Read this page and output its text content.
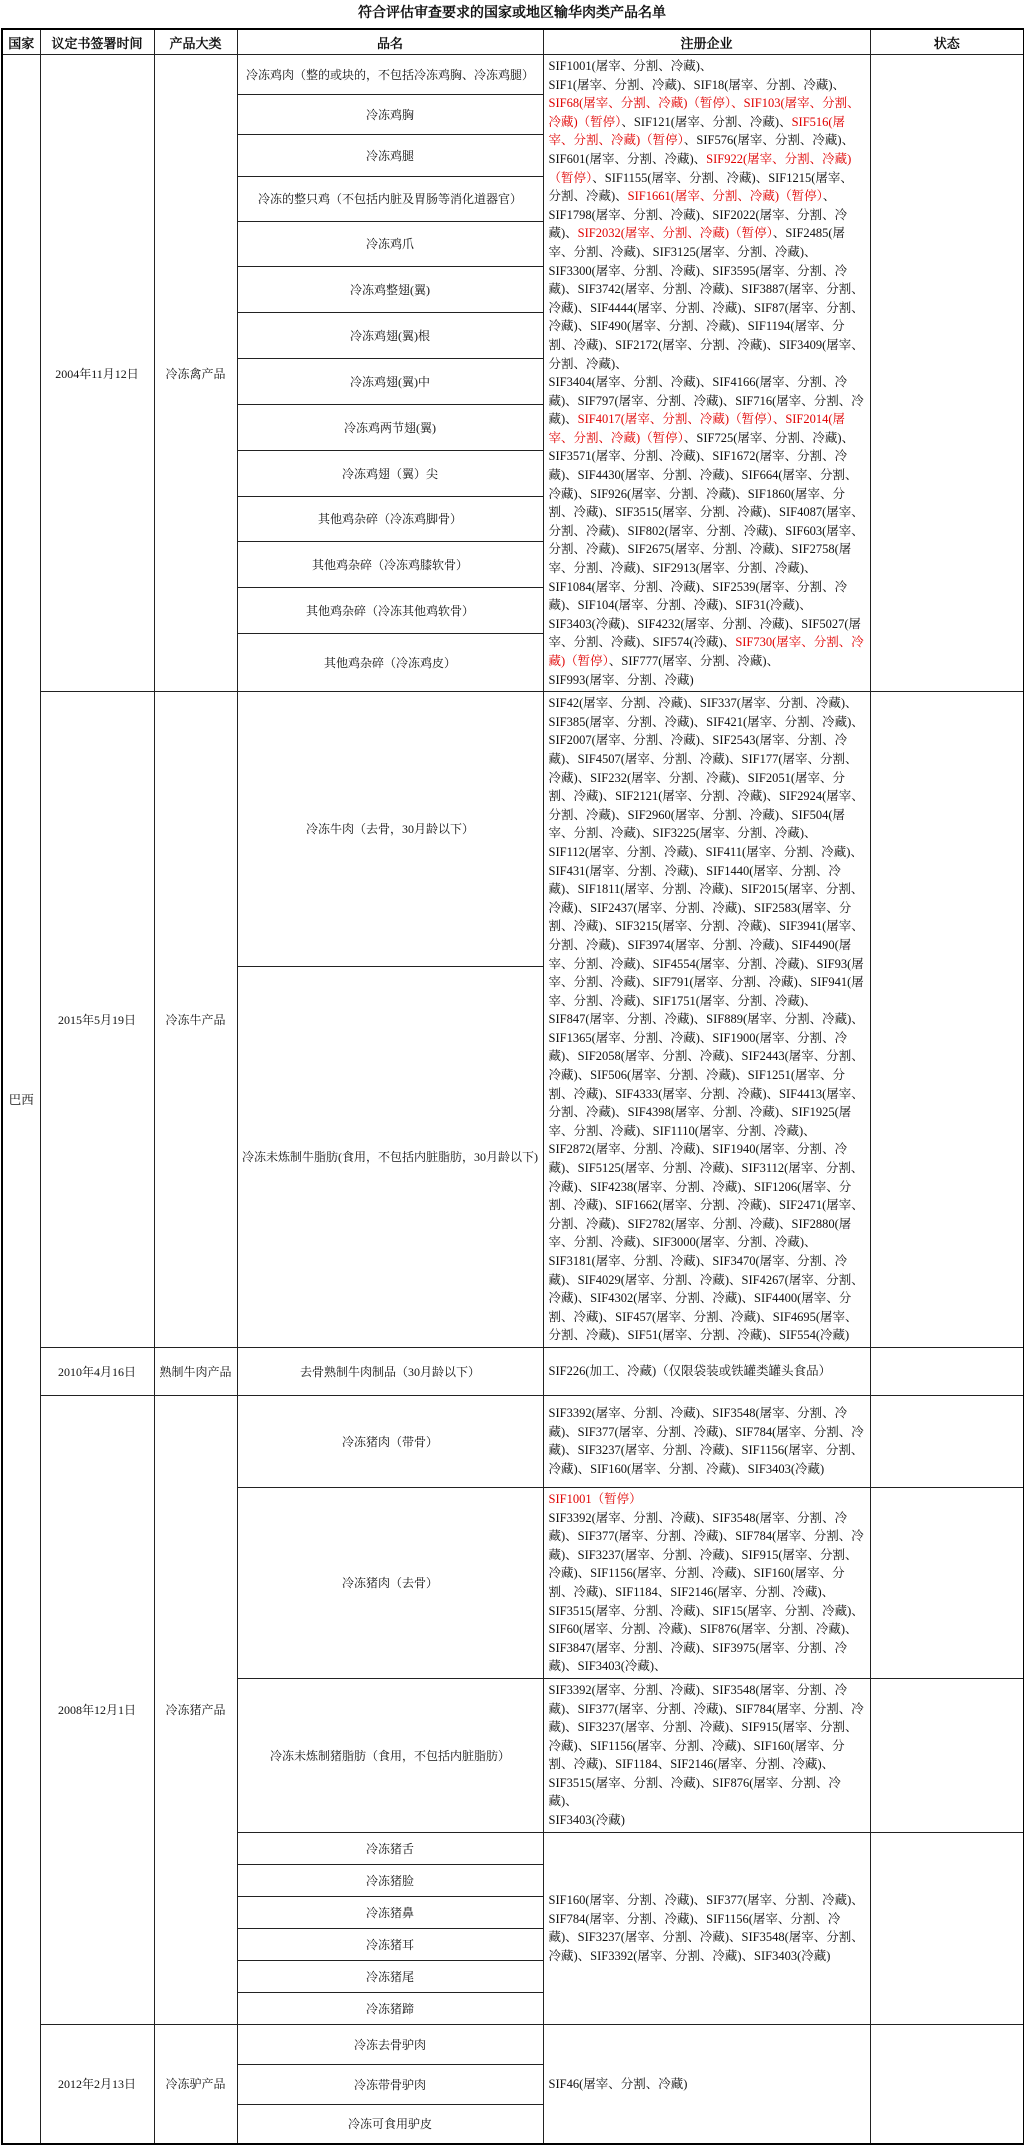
符合评估审查要求的国家或地区输华肉类产品名单
国家	议定书签署时间	产品大类	品名	注册企业	状态
巴西	2004年11月12日	冷冻禽产品	冷冻鸡肉（整的或块的，不包括冷冻鸡胸、冷冻鸡腿）	SIF1001(屠宰、分割、冷藏)、
SIF1(屠宰、分割、冷藏)、SIF18(屠宰、分割、冷藏)、
SIF68(屠宰、分割、冷藏)（暂停）、SIF103(屠宰、分割、冷藏)（暂停）、SIF121(屠宰、分割、冷藏)、SIF516(屠宰、分割、冷藏)（暂停）、SIF576(屠宰、分割、冷藏)、
SIF601(屠宰、分割、冷藏)、SIF922(屠宰、分割、冷藏)（暂停）、SIF1155(屠宰、分割、冷藏)、SIF1215(屠宰、分割、冷藏)、SIF1661(屠宰、分割、冷藏)（暂停）、
SIF1798(屠宰、分割、冷藏)、SIF2022(屠宰、分割、冷藏)、SIF2032(屠宰、分割、冷藏)（暂停）、SIF2485(屠宰、分割、冷藏)、SIF3125(屠宰、分割、冷藏)、SIF3300(屠宰、分割、冷藏)、SIF3595(屠宰、分割、冷藏)、SIF3742(屠宰、分割、冷藏)、SIF3887(屠宰、分割、冷藏)、SIF4444(屠宰、分割、冷藏)、SIF87(屠宰、分割、冷藏)、SIF490(屠宰、分割、冷藏)、SIF1194(屠宰、分割、冷藏)、SIF2172(屠宰、分割、冷藏)、SIF3409(屠宰、分割、冷藏)、
SIF3404(屠宰、分割、冷藏)、SIF4166(屠宰、分割、冷藏)、SIF797(屠宰、分割、冷藏)、SIF716(屠宰、分割、冷藏)、SIF4017(屠宰、分割、冷藏)（暂停）、SIF2014(屠宰、分割、冷藏)（暂停）、SIF725(屠宰、分割、冷藏)、
SIF3571(屠宰、分割、冷藏)、SIF1672(屠宰、分割、冷藏)、SIF4430(屠宰、分割、冷藏)、SIF664(屠宰、分割、冷藏)、SIF926(屠宰、分割、冷藏)、SIF1860(屠宰、分割、冷藏)、SIF3515(屠宰、分割、冷藏)、SIF4087(屠宰、分割、冷藏)、SIF802(屠宰、分割、冷藏)、SIF603(屠宰、分割、冷藏)、SIF2675(屠宰、分割、冷藏)、SIF2758(屠宰、分割、冷藏)、SIF2913(屠宰、分割、冷藏)、SIF1084(屠宰、分割、冷藏)、SIF2539(屠宰、分割、冷藏)、SIF104(屠宰、分割、冷藏)、SIF31(冷藏)、SIF3403(冷藏)、SIF4232(屠宰、分割、冷藏)、SIF5027(屠宰、分割、冷藏)、SIF574(冷藏)、SIF730(屠宰、分割、冷藏)（暂停）、SIF777(屠宰、分割、冷藏)、
SIF993(屠宰、分割、冷藏)	
			冷冻鸡胸		
			冷冻鸡腿		
			冷冻的整只鸡（不包括内脏及胃肠等消化道器官）		
			冷冻鸡爪		
			冷冻鸡整翅(翼)		
			冷冻鸡翅(翼)根		
			冷冻鸡翅(翼)中		
			冷冻鸡两节翅(翼)		
			冷冻鸡翅（翼）尖		
			其他鸡杂碎（冷冻鸡脚骨）		
			其他鸡杂碎（冷冻鸡膝软骨）		
			其他鸡杂碎（冷冻其他鸡软骨）		
			其他鸡杂碎（冷冻鸡皮）		
	2015年5月19日	冷冻牛产品	冷冻牛肉（去骨，30月龄以下）	SIF42(屠宰、分割、冷藏)、SIF337(屠宰、分割、冷藏)、
SIF385(屠宰、分割、冷藏)、SIF421(屠宰、分割、冷藏)、
SIF2007(屠宰、分割、冷藏)、SIF2543(屠宰、分割、冷藏)、SIF4507(屠宰、分割、冷藏)、SIF177(屠宰、分割、冷藏)、SIF232(屠宰、分割、冷藏)、SIF2051(屠宰、分割、冷藏)、SIF2121(屠宰、分割、冷藏)、SIF2924(屠宰、分割、冷藏)、SIF2960(屠宰、分割、冷藏)、SIF504(屠宰、分割、冷藏)、SIF3225(屠宰、分割、冷藏)、SIF112(屠宰、分割、冷藏)、SIF411(屠宰、分割、冷藏)、SIF431(屠宰、分割、冷藏)、SIF1440(屠宰、分割、冷藏)、SIF1811(屠宰、分割、冷藏)、SIF2015(屠宰、分割、冷藏)、SIF2437(屠宰、分割、冷藏)、SIF2583(屠宰、分割、冷藏)、SIF3215(屠宰、分割、冷藏)、SIF3941(屠宰、分割、冷藏)、SIF3974(屠宰、分割、冷藏)、SIF4490(屠宰、分割、冷藏)、SIF4554(屠宰、分割、冷藏)、SIF93(屠宰、分割、冷藏)、SIF791(屠宰、分割、冷藏)、SIF941(屠宰、分割、冷藏)、SIF1751(屠宰、分割、冷藏)、SIF847(屠宰、分割、冷藏)、SIF889(屠宰、分割、冷藏)、SIF1365(屠宰、分割、冷藏)、SIF1900(屠宰、分割、冷藏)、SIF2058(屠宰、分割、冷藏)、SIF2443(屠宰、分割、冷藏)、SIF506(屠宰、分割、冷藏)、SIF1251(屠宰、分割、冷藏)、SIF4333(屠宰、分割、冷藏)、SIF4413(屠宰、分割、冷藏)、SIF4398(屠宰、分割、冷藏)、SIF1925(屠宰、分割、冷藏)、SIF1110(屠宰、分割、冷藏)、SIF2872(屠宰、分割、冷藏)、SIF1940(屠宰、分割、冷藏)、SIF5125(屠宰、分割、冷藏)、SIF3112(屠宰、分割、冷藏)、SIF4238(屠宰、分割、冷藏)、SIF1206(屠宰、分割、冷藏)、SIF1662(屠宰、分割、冷藏)、SIF2471(屠宰、分割、冷藏)、SIF2782(屠宰、分割、冷藏)、SIF2880(屠宰、分割、冷藏)、SIF3000(屠宰、分割、冷藏)、SIF3181(屠宰、分割、冷藏)、SIF3470(屠宰、分割、冷藏)、SIF4029(屠宰、分割、冷藏)、SIF4267(屠宰、分割、冷藏)、SIF4302(屠宰、分割、冷藏)、SIF4400(屠宰、分割、冷藏)、SIF457(屠宰、分割、冷藏)、SIF4695(屠宰、分割、冷藏)、SIF51(屠宰、分割、冷藏)、SIF554(冷藏)	
			冷冻未炼制牛脂肪(食用，不包括内脏脂肪，30月龄以下)		
	2010年4月16日	熟制牛肉产品	去骨熟制牛肉制品（30月龄以下）	SIF226(加工、冷藏)（仅限袋装或铁罐类罐头食品）	
	2008年12月1日	冷冻猪产品	冷冻猪肉（带骨）	SIF3392(屠宰、分割、冷藏)、SIF3548(屠宰、分割、冷藏)、SIF377(屠宰、分割、冷藏)、SIF784(屠宰、分割、冷藏)、SIF3237(屠宰、分割、冷藏)、SIF1156(屠宰、分割、冷藏)、SIF160(屠宰、分割、冷藏)、SIF3403(冷藏)	
			冷冻猪肉（去骨）	SIF1001（暂停）
SIF3392(屠宰、分割、冷藏)、SIF3548(屠宰、分割、冷藏)、SIF377(屠宰、分割、冷藏)、SIF784(屠宰、分割、冷藏)、SIF3237(屠宰、分割、冷藏)、SIF915(屠宰、分割、冷藏)、SIF1156(屠宰、分割、冷藏)、SIF160(屠宰、分割、冷藏)、SIF1184、SIF2146(屠宰、分割、冷藏)、SIF3515(屠宰、分割、冷藏)、SIF15(屠宰、分割、冷藏)、SIF60(屠宰、分割、冷藏)、SIF876(屠宰、分割、冷藏)、SIF3847(屠宰、分割、冷藏)、SIF3975(屠宰、分割、冷藏)、SIF3403(冷藏)、	
			冷冻未炼制猪脂肪（食用，不包括内脏脂肪）	SIF3392(屠宰、分割、冷藏)、SIF3548(屠宰、分割、冷藏)、SIF377(屠宰、分割、冷藏)、SIF784(屠宰、分割、冷藏)、SIF3237(屠宰、分割、冷藏)、SIF915(屠宰、分割、冷藏)、SIF1156(屠宰、分割、冷藏)、SIF160(屠宰、分割、冷藏)、SIF1184、SIF2146(屠宰、分割、冷藏)、
SIF3515(屠宰、分割、冷藏)、SIF876(屠宰、分割、冷藏)、
SIF3403(冷藏)	
			冷冻猪舌	SIF160(屠宰、分割、冷藏)、SIF377(屠宰、分割、冷藏)、SIF784(屠宰、分割、冷藏)、SIF1156(屠宰、分割、冷藏)、SIF3237(屠宰、分割、冷藏)、SIF3548(屠宰、分割、冷藏)、SIF3392(屠宰、分割、冷藏)、SIF3403(冷藏)	
			冷冻猪脸		
			冷冻猪鼻		
			冷冻猪耳		
			冷冻猪尾		
			冷冻猪蹄		
	2012年2月13日	冷冻驴产品	冷冻去骨驴肉	SIF46(屠宰、分割、冷藏)	
			冷冻带骨驴肉		
			冷冻可食用驴皮		
